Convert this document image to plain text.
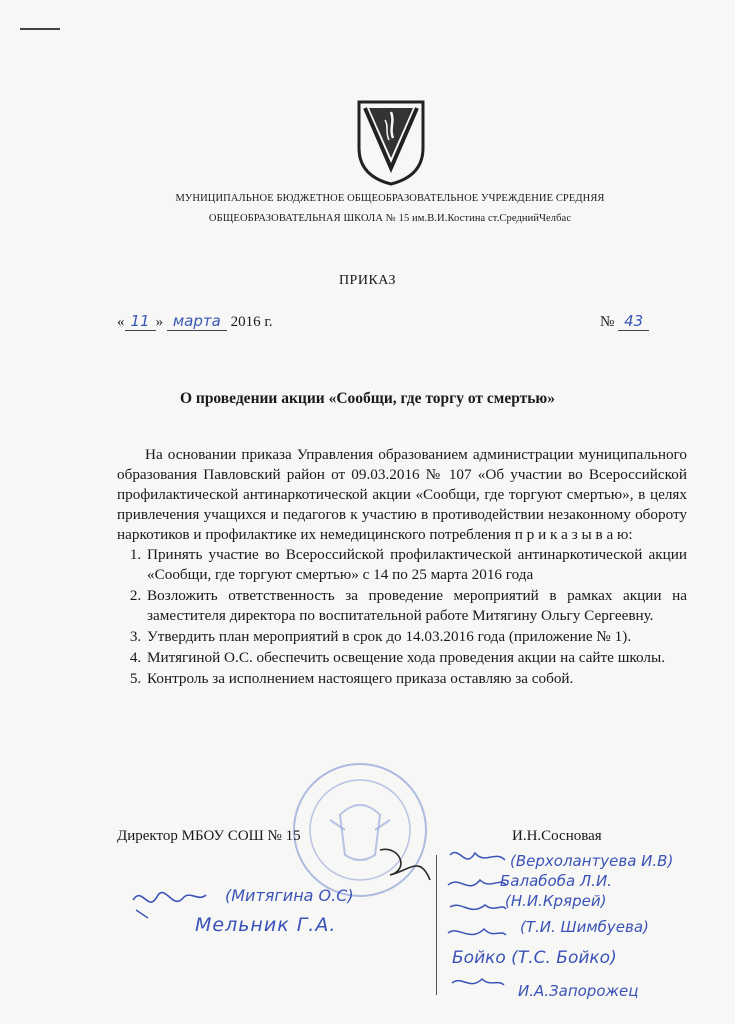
МУНИЦИПАЛЬНОЕ БЮДЖЕТНОЕ ОБЩЕОБРАЗОВАТЕЛЬНОЕ УЧРЕЖДЕНИЕ СРЕДНЯЯ
ОБЩЕОБРАЗОВАТЕЛЬНАЯ ШКОЛА № 15 им.В.И.Костина ст.СреднийЧелбас
ПРИКАЗ
« 11 » марта 2016 г.	№ 43
О проведении акции «Сообщи, где торгу от смертью»

На основании приказа Управления образованием администрации муниципального образования Павловский район от 09.03.2016 № 107 «Об участии во Всероссийской профилактической антинаркотической акции «Сообщи, где торгуют смертью», в целях привлечения учащихся и педагогов к участию в противодействии незаконному обороту наркотиков и профилактике их немедицинского потребления п р и к а з ы в а ю:

1. Принять участие во Всероссийской профилактической антинаркотической акции «Сообщи, где торгуют смертью» с 14 по 25 марта 2016 года
2. Возложить ответственность за проведение мероприятий в рамках акции на заместителя директора по воспитательной работе Митягину Ольгу Сергеевну.
3. Утвердить план мероприятий в срок до 14.03.2016 года (приложение № 1).
4. Митягиной О.С. обеспечить освещение хода проведения акции на сайте школы.
5. Контроль за исполнением настоящего приказа оставляю за собой.
Директор МБОУ СОШ № 15	И.Н.Сосновая
(Митягина О.С)
Мельник Г.А.
(Верхолантуева И.В)
Балабоба Л.И.
(Н.И.Крярей)
(Т.И. Шимбуева)
Бойко (Т.С. Бойко)
И.А.Запорожец
